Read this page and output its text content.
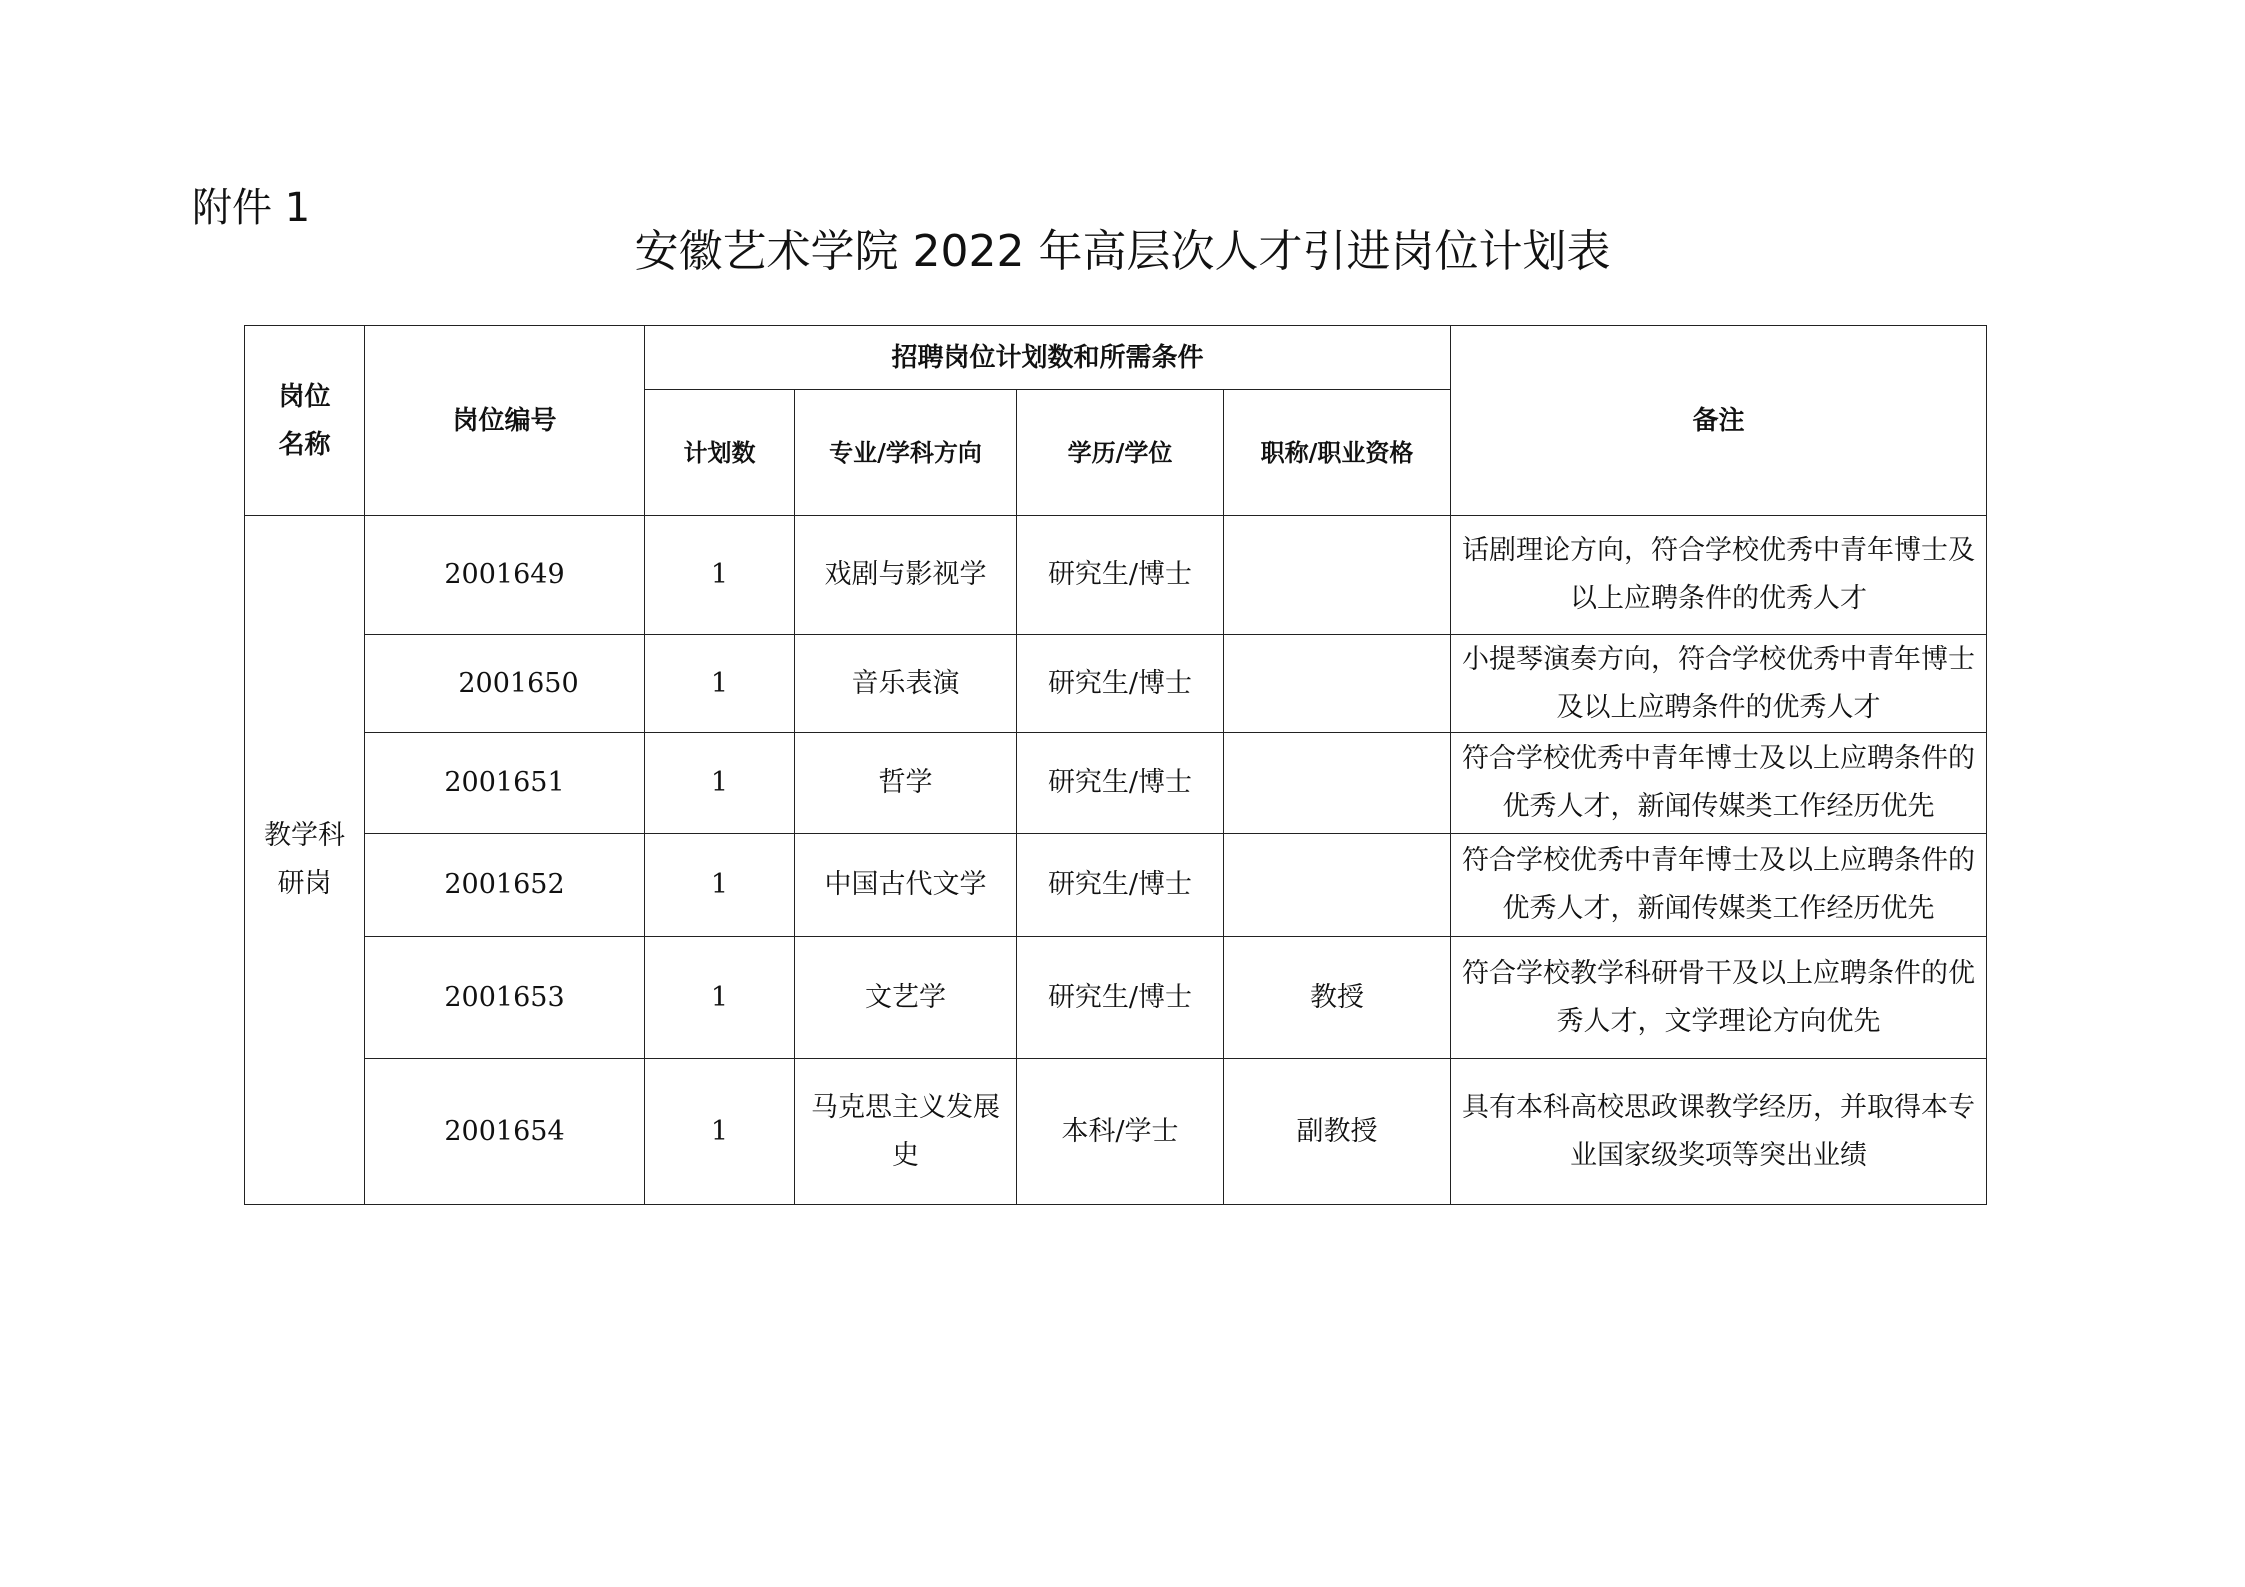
附件 1
安徽艺术学院 2022 年高层次人才引进岗位计划表
岗位
名称	岗位编号	招聘岗位计划数和所需条件				备注
		计划数	专业/学科方向	学历/学位	职称/职业资格	
教学科
研岗	2001649	1	戏剧与影视学	研究生/博士		话剧理论方向，符合学校优秀中青年博士及以上应聘条件的优秀人才
	2001650	1	音乐表演	研究生/博士		小提琴演奏方向，符合学校优秀中青年博士及以上应聘条件的优秀人才
	2001651	1	哲学	研究生/博士		符合学校优秀中青年博士及以上应聘条件的优秀人才，新闻传媒类工作经历优先
	2001652	1	中国古代文学	研究生/博士		符合学校优秀中青年博士及以上应聘条件的优秀人才，新闻传媒类工作经历优先
	2001653	1	文艺学	研究生/博士	教授	符合学校教学科研骨干及以上应聘条件的优秀人才，文学理论方向优先
	2001654	1	马克思主义发展史	本科/学士	副教授	具有本科高校思政课教学经历，并取得本专业国家级奖项等突出业绩
